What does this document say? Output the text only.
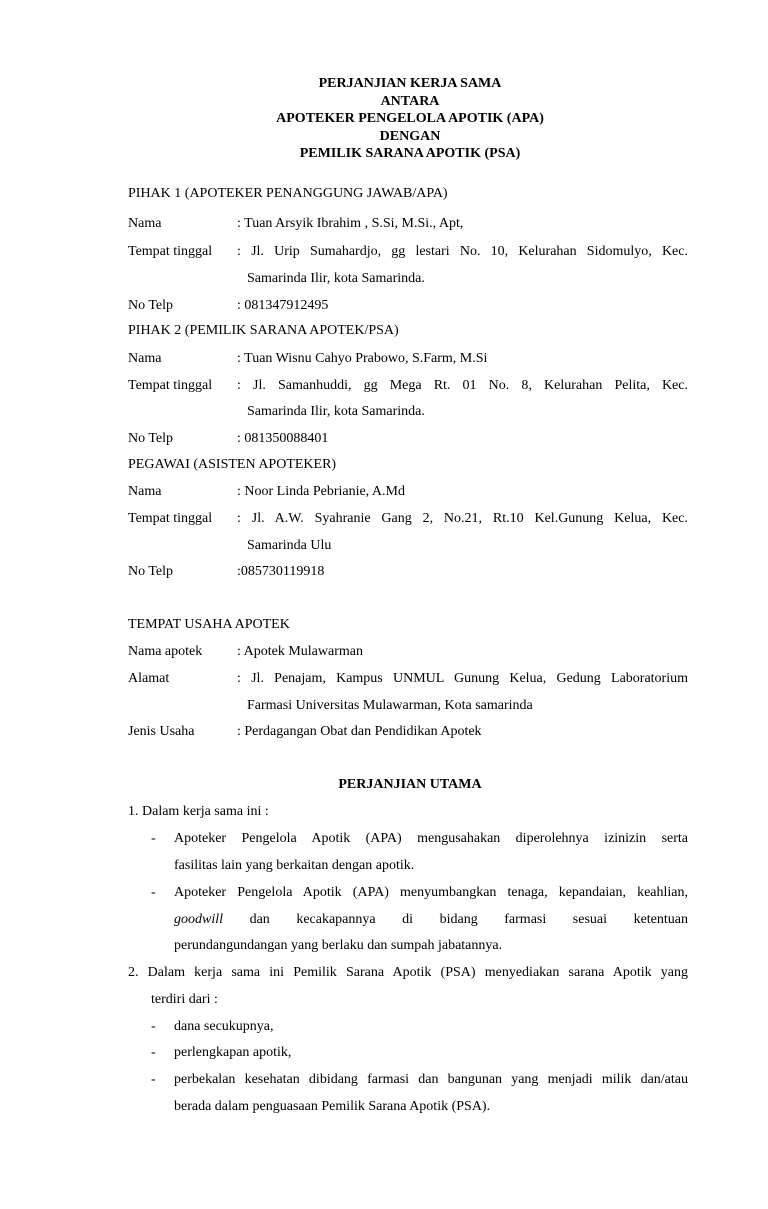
PERJANJIAN KERJA SAMA
ANTARA
APOTEKER PENGELOLA APOTIK (APA)
DENGAN
PEMILIK SARANA APOTIK (PSA)
PIHAK 1 (APOTEKER PENANGGUNG JAWAB/APA)
Nama	: Tuan Arsyik Ibrahim , S.Si, M.Si., Apt,
Tempat tinggal : Jl. Urip Sumahardjo, gg lestari No. 10, Kelurahan Sidomulyo, Kec.
Samarinda Ilir, kota Samarinda.
No Telp	: 081347912495
PIHAK 2 (PEMILIK SARANA APOTEK/PSA)
Nama	: Tuan Wisnu Cahyo Prabowo, S.Farm, M.Si
Tempat tinggal : Jl. Samanhuddi, gg Mega Rt. 01 No. 8, Kelurahan Pelita, Kec.
Samarinda Ilir, kota Samarinda.
No Telp	: 081350088401
PEGAWAI (ASISTEN APOTEKER)
Nama	: Noor Linda Pebrianie, A.Md
Tempat tinggal : Jl. A.W. Syahranie Gang 2, No.21, Rt.10 Kel.Gunung Kelua, Kec.
Samarinda Ulu
No Telp	:085730119918
TEMPAT USAHA APOTEK
Nama apotek : Apotek Mulawarman
Alamat	: Jl. Penajam, Kampus UNMUL Gunung Kelua, Gedung Laboratorium
Farmasi Universitas Mulawarman, Kota samarinda
Jenis Usaha	: Perdagangan Obat dan Pendidikan Apotek
PERJANJIAN UTAMA
1. Dalam kerja sama ini :
- Apoteker Pengelola Apotik (APA) mengusahakan diperolehnya izinizin serta
fasilitas lain yang berkaitan dengan apotik.
- Apoteker Pengelola Apotik (APA) menyumbangkan tenaga, kepandaian, keahlian,
goodwill dan kecakapannya di bidang farmasi sesuai ketentuan
perundangundangan yang berlaku dan sumpah jabatannya.
2. Dalam kerja sama ini Pemilik Sarana Apotik (PSA) menyediakan sarana Apotik yang
terdiri dari :
- dana secukupnya,
- perlengkapan apotik,
- perbekalan kesehatan dibidang farmasi dan bangunan yang menjadi milik dan/atau
berada dalam penguasaan Pemilik Sarana Apotik (PSA).
